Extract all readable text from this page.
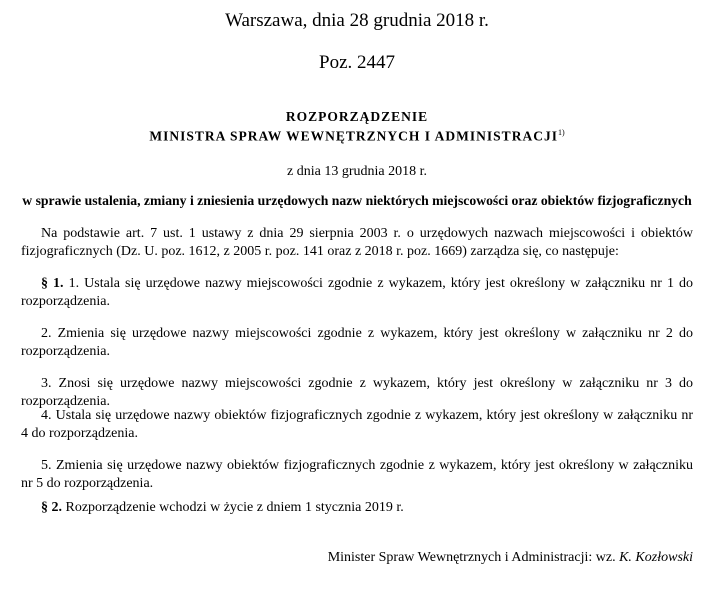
Warszawa, dnia 28 grudnia 2018 r.
Poz. 2447
ROZPORZĄDZENIE
MINISTRA SPRAW WEWNĘTRZNYCH I ADMINISTRACJI$^{1)}$
z dnia 13 grudnia 2018 r.
w sprawie ustalenia, zmiany i zniesienia urzędowych nazw niektórych miejscowości oraz obiektów fizjograficznych
Na podstawie art. 7 ust. 1 ustawy z dnia 29 sierpnia 2003 r. o urzędowych nazwach miejscowości i obiektów fizjograficznych (Dz. U. poz. 1612, z 2005 r. poz. 141 oraz z 2018 r. poz. 1669) zarządza się, co następuje:
§ 1. 1. Ustala się urzędowe nazwy miejscowości zgodnie z wykazem, który jest określony w załączniku nr 1 do rozporządzenia.
2. Zmienia się urzędowe nazwy miejscowości zgodnie z wykazem, który jest określony w załączniku nr 2 do rozporządzenia.
3. Znosi się urzędowe nazwy miejscowości zgodnie z wykazem, który jest określony w załączniku nr 3 do rozporządzenia.
4. Ustala się urzędowe nazwy obiektów fizjograficznych zgodnie z wykazem, który jest określony w załączniku nr 4 do rozporządzenia.
5. Zmienia się urzędowe nazwy obiektów fizjograficznych zgodnie z wykazem, który jest określony w załączniku nr 5 do rozporządzenia.
§ 2. Rozporządzenie wchodzi w życie z dniem 1 stycznia 2019 r.
Minister Spraw Wewnętrznych i Administracji: wz. K. Kozłowski
